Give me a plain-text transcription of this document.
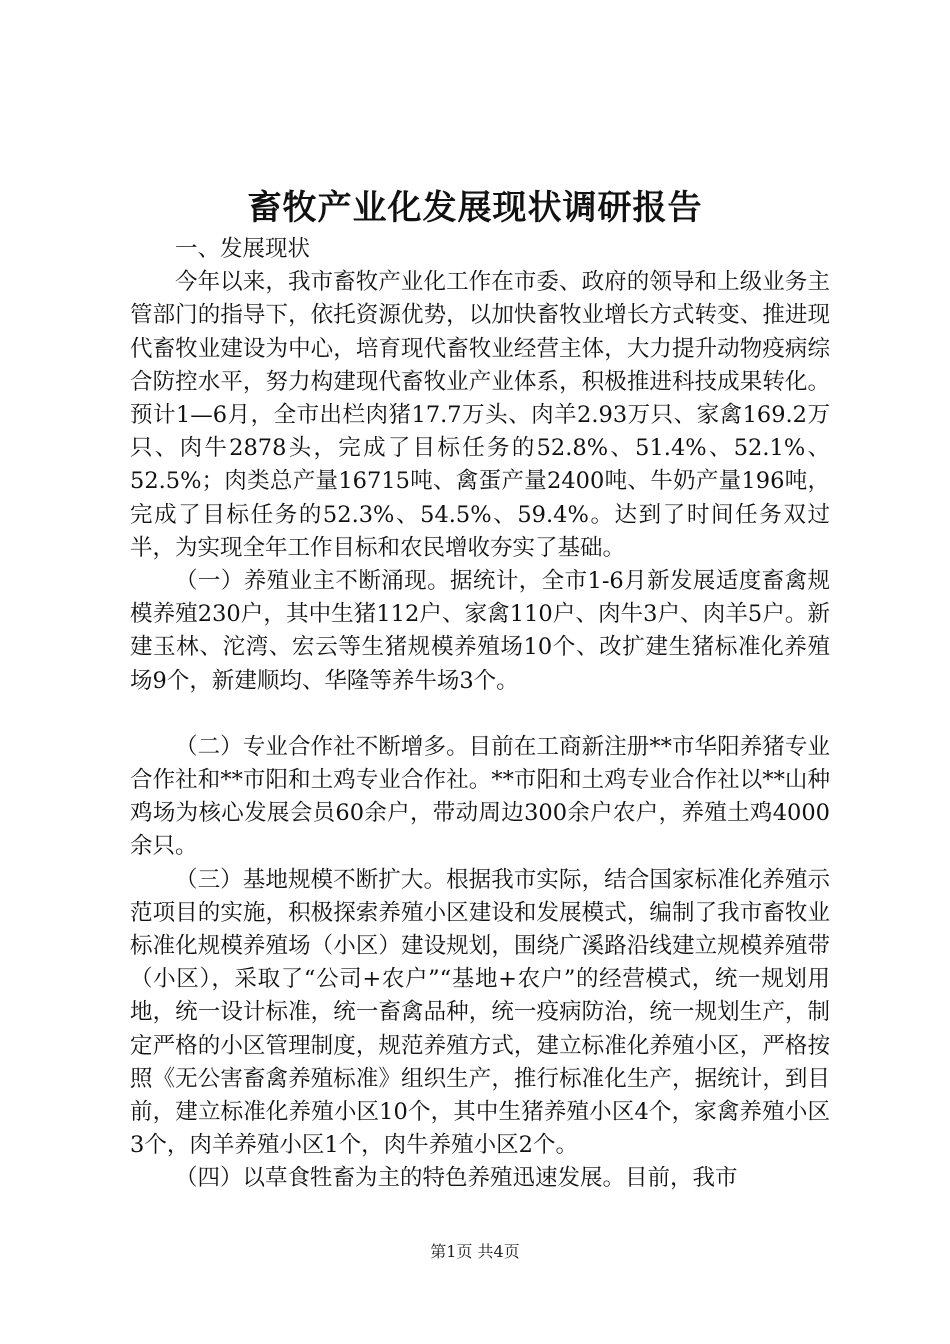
畜牧产业化发展现状调研报告

一、发展现状

今年以来，我市畜牧产业化工作在市委、政府的领导和上级业务主管部门的指导下，依托资源优势，以加快畜牧业增长方式转变、推进现代畜牧业建设为中心，培育现代畜牧业经营主体，大力提升动物疫病综合防控水平，努力构建现代畜牧业产业体系，积极推进科技成果转化。预计1—6月，全市出栏肉猪17.7万头、肉羊2.93万只、家禽169.2万只、肉牛2878头，完成了目标任务的52.8%、51.4%、52.1%、52.5%；肉类总产量16715吨、禽蛋产量2400吨、牛奶产量196吨，完成了目标任务的52.3%、54.5%、59.4%。达到了时间任务双过半，为实现全年工作目标和农民增收夯实了基础。

（一）养殖业主不断涌现。据统计，全市1-6月新发展适度畜禽规模养殖230户，其中生猪112户、家禽110户、肉牛3户、肉羊5户。新建玉林、沱湾、宏云等生猪规模养殖场10个、改扩建生猪标准化养殖场9个，新建顺均、华隆等养牛场3个。

（二）专业合作社不断增多。目前在工商新注册**市华阳养猪专业合作社和**市阳和土鸡专业合作社。**市阳和土鸡专业合作社以**山种鸡场为核心发展会员60余户，带动周边300余户农户，养殖土鸡4000余只。

（三）基地规模不断扩大。根据我市实际，结合国家标准化养殖示范项目的实施，积极探索养殖小区建设和发展模式，编制了我市畜牧业标准化规模养殖场（小区）建设规划，围绕广溪路沿线建立规模养殖带（小区），采取了“公司+农户”“基地+农户”的经营模式，统一规划用地，统一设计标准，统一畜禽品种，统一疫病防治，统一规划生产，制定严格的小区管理制度，规范养殖方式，建立标准化养殖小区，严格按照《无公害畜禽养殖标准》组织生产，推行标准化生产，据统计，到目前，建立标准化养殖小区10个，其中生猪养殖小区4个，家禽养殖小区3个，肉羊养殖小区1个，肉牛养殖小区2个。

（四）以草食牲畜为主的特色养殖迅速发展。目前，我市

第1页 共4页
